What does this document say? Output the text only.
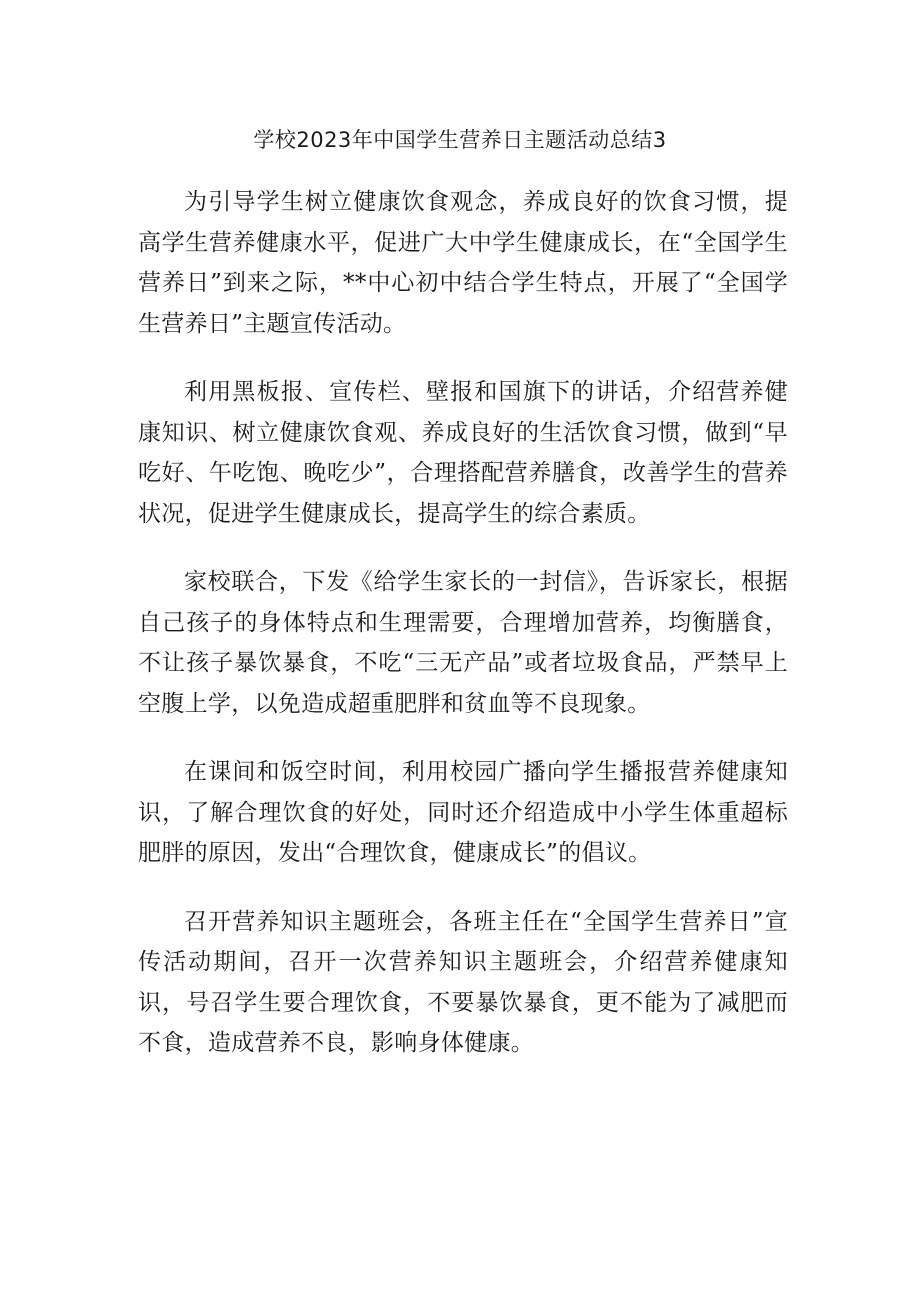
学校2023年中国学生营养日主题活动总结3

为引导学生树立健康饮食观念，养成良好的饮食习惯，提高学生营养健康水平，促进广大中学生健康成长，在“全国学生营养日”到来之际，**中心初中结合学生特点，开展了“全国学生营养日”主题宣传活动。

利用黑板报、宣传栏、壁报和国旗下的讲话，介绍营养健康知识、树立健康饮食观、养成良好的生活饮食习惯，做到“早吃好、午吃饱、晚吃少”，合理搭配营养膳食，改善学生的营养状况，促进学生健康成长，提高学生的综合素质。

家校联合，下发《给学生家长的一封信》，告诉家长，根据自己孩子的身体特点和生理需要，合理增加营养，均衡膳食，不让孩子暴饮暴食，不吃“三无产品”或者垃圾食品，严禁早上空腹上学，以免造成超重肥胖和贫血等不良现象。

在课间和饭空时间，利用校园广播向学生播报营养健康知识，了解合理饮食的好处，同时还介绍造成中小学生体重超标肥胖的原因，发出“合理饮食，健康成长”的倡议。

召开营养知识主题班会，各班主任在“全国学生营养日”宣传活动期间，召开一次营养知识主题班会，介绍营养健康知识，号召学生要合理饮食，不要暴饮暴食，更不能为了减肥而不食，造成营养不良，影响身体健康。
